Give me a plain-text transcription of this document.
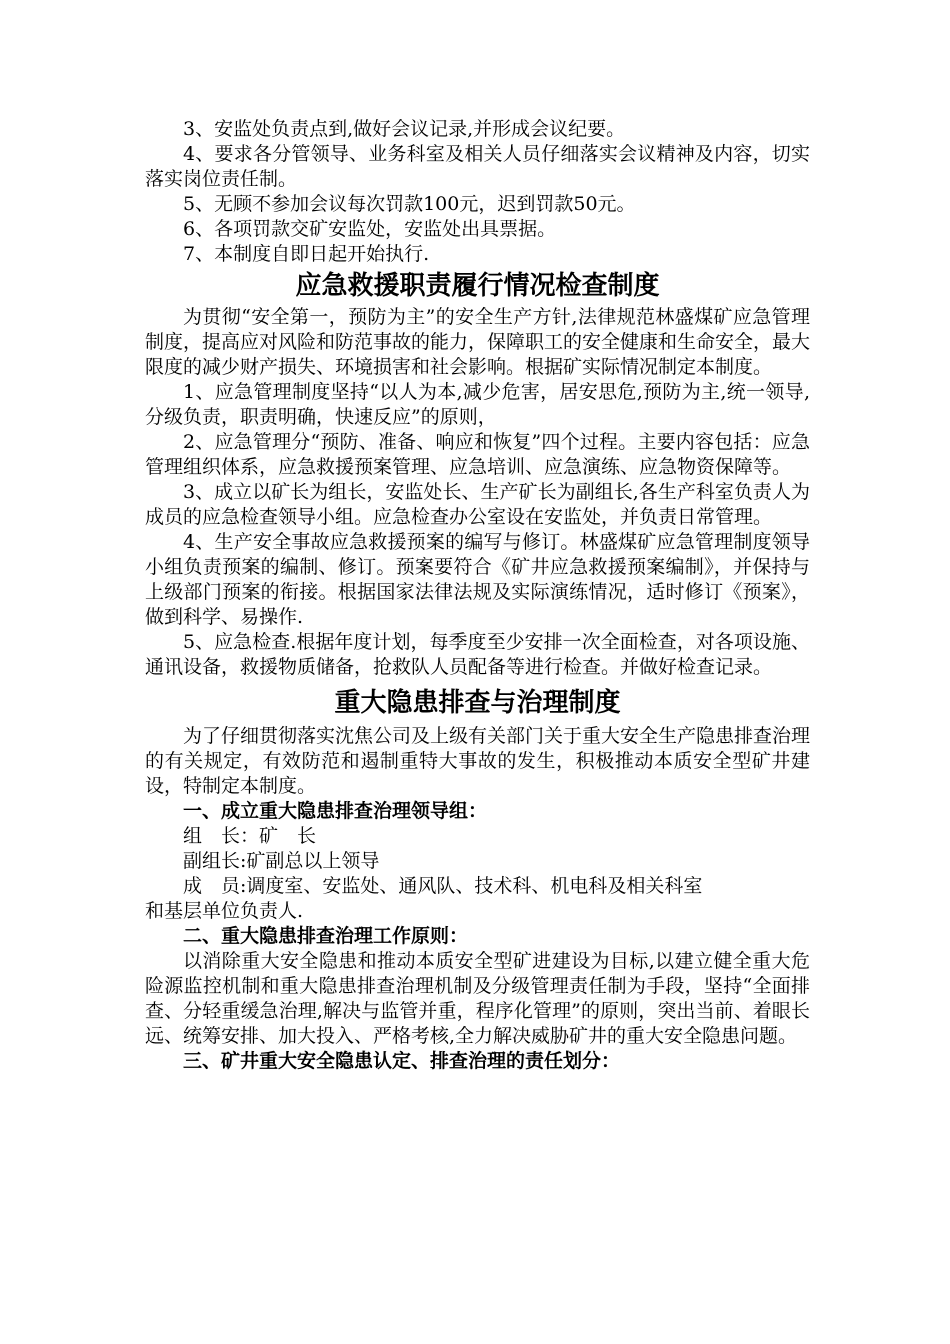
3、安监处负责点到,做好会议记录,并形成会议纪要。

4、要求各分管领导、业务科室及相关人员仔细落实会议精神及内容，切实落实岗位责任制。

5、无顾不参加会议每次罚款100元，迟到罚款50元。

6、各项罚款交矿安监处，安监处出具票据。

7、本制度自即日起开始执行.

应急救援职责履行情况检查制度

为贯彻“安全第一，预防为主”的安全生产方针,法律规范林盛煤矿应急管理制度，提高应对风险和防范事故的能力，保障职工的安全健康和生命安全，最大限度的减少财产损失、环境损害和社会影响。根据矿实际情况制定本制度。

1、应急管理制度坚持“以人为本,减少危害，居安思危,预防为主,统一领导,分级负责，职责明确，快速反应”的原则，

2、应急管理分“预防、准备、响应和恢复”四个过程。主要内容包括：应急管理组织体系，应急救援预案管理、应急培训、应急演练、应急物资保障等。

3、成立以矿长为组长，安监处长、生产矿长为副组长,各生产科室负责人为成员的应急检查领导小组。应急检查办公室设在安监处，并负责日常管理。

4、生产安全事故应急救援预案的编写与修订。林盛煤矿应急管理制度领导小组负责预案的编制、修订。预案要符合《矿井应急救援预案编制》，并保持与上级部门预案的衔接。根据国家法律法规及实际演练情况，适时修订《预案》，做到科学、易操作.

5、应急检查.根据年度计划，每季度至少安排一次全面检查，对各项设施、通讯设备，救援物质储备，抢救队人员配备等进行检查。并做好检查记录。

重大隐患排查与治理制度

为了仔细贯彻落实沈焦公司及上级有关部门关于重大安全生产隐患排查治理的有关规定，有效防范和遏制重特大事故的发生，积极推动本质安全型矿井建设，特制定本制度。

一、成立重大隐患排查治理领导组：

组　长：矿　长

副组长:矿副总以上领导

成　员:调度室、安监处、通风队、技术科、机电科及相关科室

和基层单位负责人.

二、重大隐患排查治理工作原则：

以消除重大安全隐患和推动本质安全型矿进建设为目标,以建立健全重大危险源监控机制和重大隐患排查治理机制及分级管理责任制为手段，坚持“全面排查、分轻重缓急治理,解决与监管并重，程序化管理”的原则，突出当前、着眼长远、统筹安排、加大投入、严格考核,全力解决威胁矿井的重大安全隐患问题。

三、矿井重大安全隐患认定、排查治理的责任划分：
